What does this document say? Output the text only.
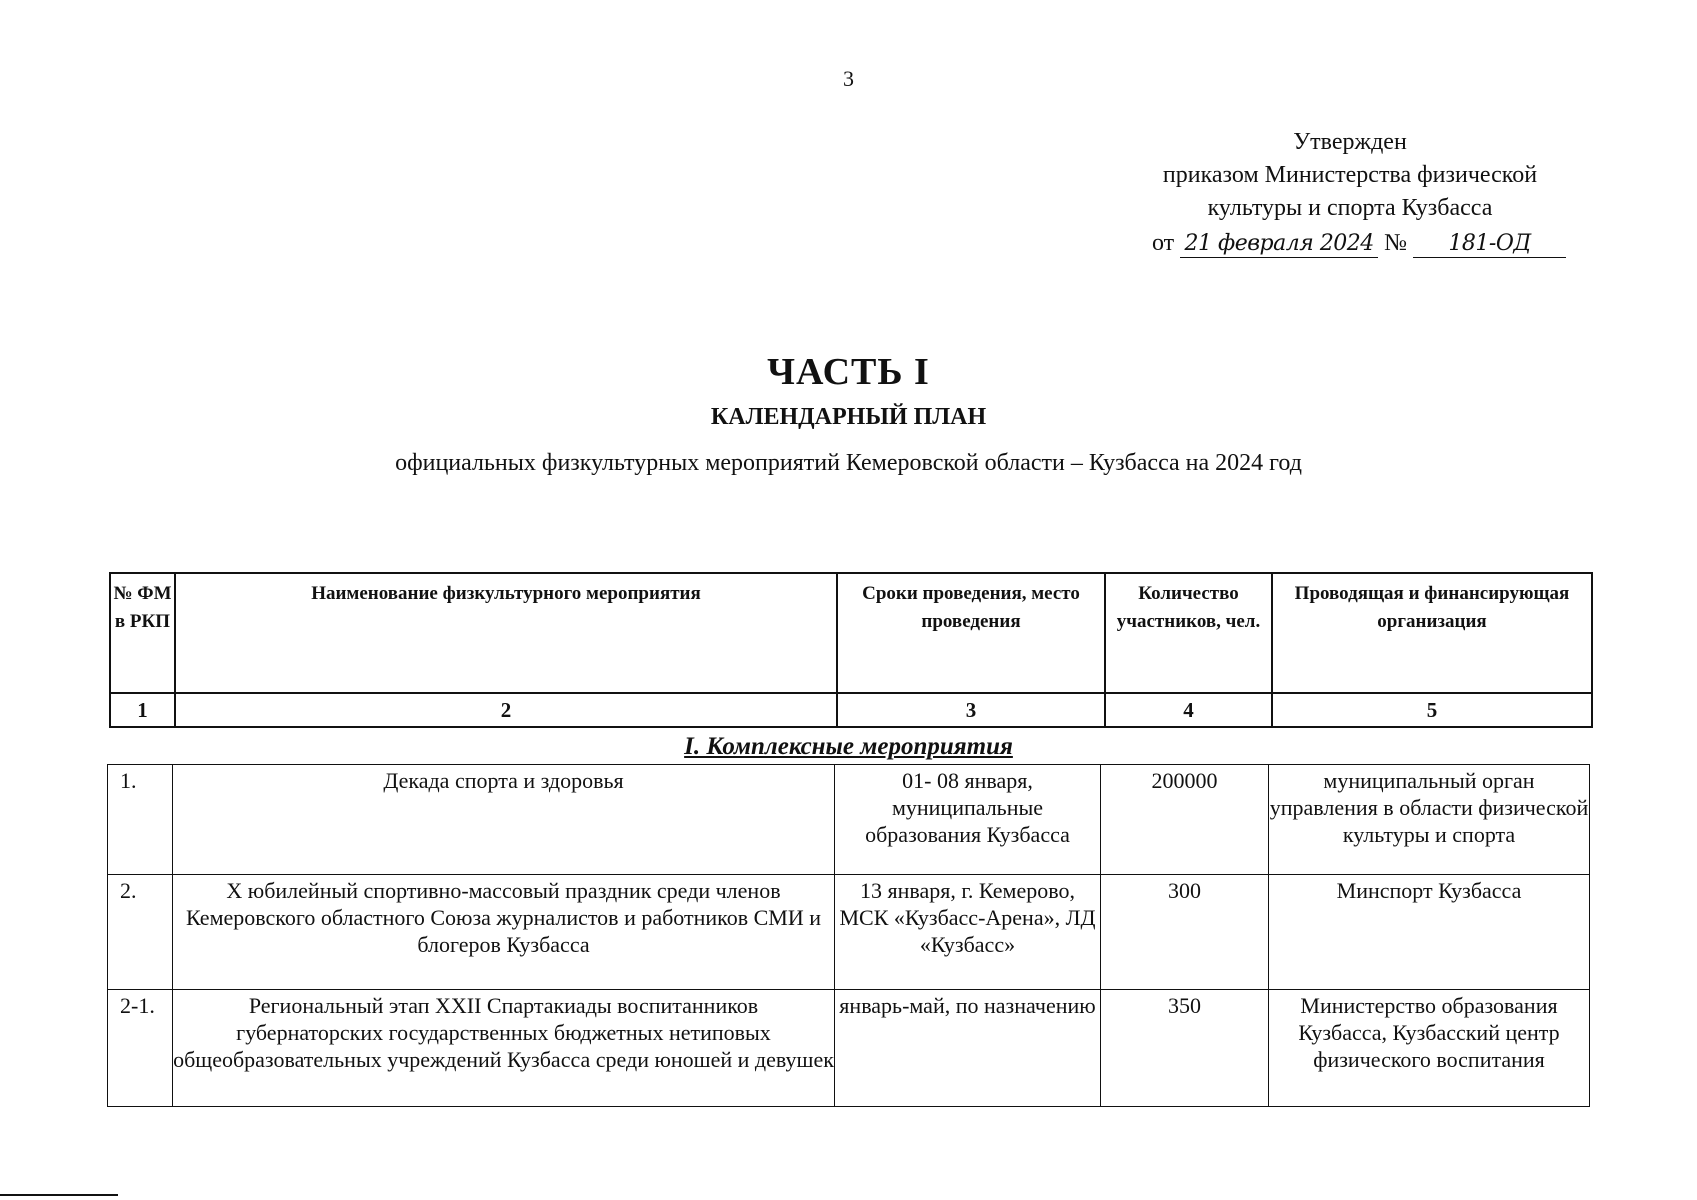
3
Утвержден
приказом Министерства физической
культуры и спорта Кузбасса
от 21 февраля 2024 № 181-ОД
ЧАСТЬ I
КАЛЕНДАРНЫЙ ПЛАН
официальных физкультурных мероприятий Кемеровской области – Кузбасса на 2024 год
№ ФМ в РКП	Наименование физкультурного мероприятия	Сроки проведения, место проведения	Количество участников, чел.	Проводящая и финансирующая организация
1	2	3	4	5
I. Комплексные мероприятия
1.	Декада спорта и здоровья	01- 08 января, муниципальные образования Кузбасса	200000	муниципальный орган управления в области физической культуры и спорта
2.	X юбилейный спортивно-массовый праздник среди членов Кемеровского областного Союза журналистов и работников СМИ и блогеров Кузбасса	13 января, г. Кемерово, МСК «Кузбасс-Арена», ЛД «Кузбасс»	300	Минспорт Кузбасса
2-1.	Региональный этап XXII Спартакиады воспитанников губернаторских государственных бюджетных нетиповых общеобразовательных учреждений Кузбасса среди юношей и девушек	январь-май, по назначению	350	Министерство образования Кузбасса, Кузбасский центр физического воспитания
